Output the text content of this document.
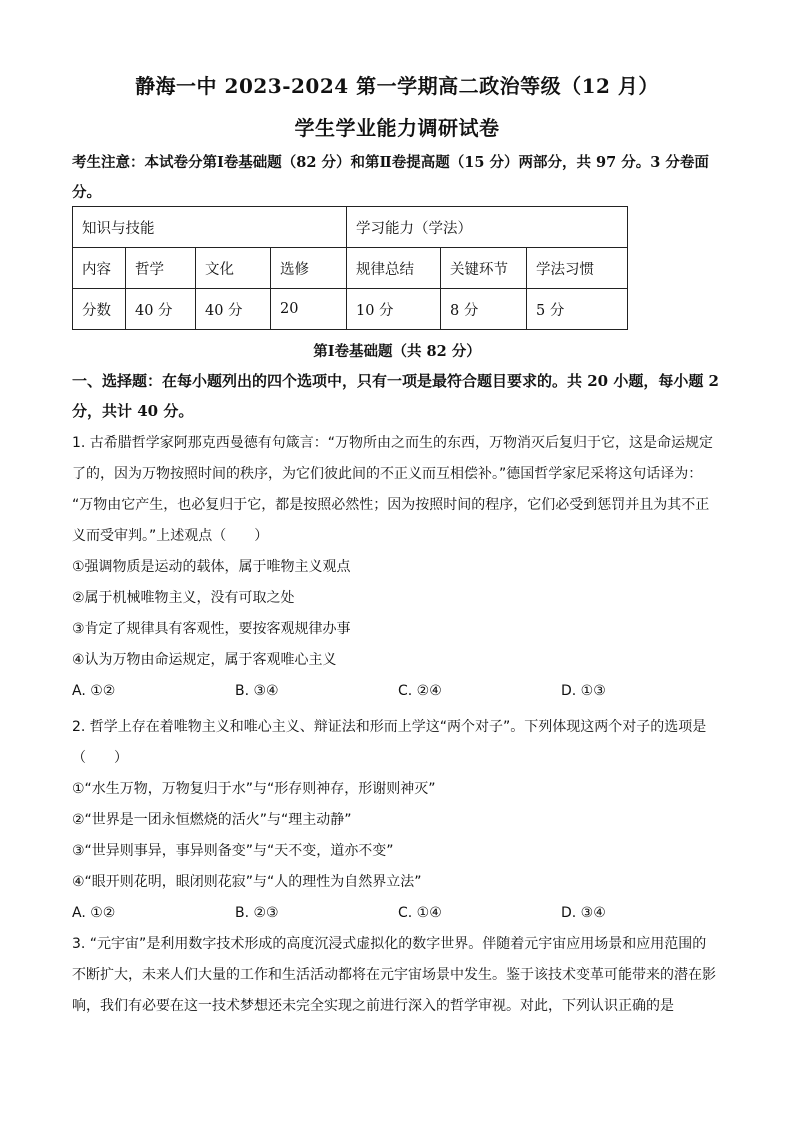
静海一中 2023-2024 第一学期高二政治等级（12 月）
学生学业能力调研试卷
考生注意：本试卷分第Ⅰ卷基础题（82 分）和第Ⅱ卷提高题（15 分）两部分，共 97 分。3 分卷面分。
知识与技能				学习能力（学法）		
内容	哲学	文化	选修	规律总结	关键环节	学法习惯
分数	40 分	40 分	20	10 分	8 分	5 分
第Ⅰ卷基础题（共 82 分）
一、选择题：在每小题列出的四个选项中，只有一项是最符合题目要求的。共 20 小题，每小题 2 分，共计 40 分。
1. 古希腊哲学家阿那克西曼德有句箴言：“万物所由之而生的东西，万物消灭后复归于它，这是命运规定
了的，因为万物按照时间的秩序，为它们彼此间的不正义而互相偿补。”德国哲学家尼采将这句话译为：
“万物由它产生，也必复归于它，都是按照必然性；因为按照时间的程序，它们必受到惩罚并且为其不正
义而受审判。”上述观点（　　）
①强调物质是运动的载体，属于唯物主义观点
②属于机械唯物主义，没有可取之处
③肯定了规律具有客观性，要按客观规律办事
④认为万物由命运规定，属于客观唯心主义
A. ①②	B. ③④	C. ②④	D. ①③
2. 哲学上存在着唯物主义和唯心主义、辩证法和形而上学这“两个对子”。下列体现这两个对子的选项是
（　　）
①“水生万物，万物复归于水”与“形存则神存，形谢则神灭”
②“世界是一团永恒燃烧的活火”与“理主动静”
③“世异则事异，事异则备变”与“天不变，道亦不变”
④“眼开则花明，眼闭则花寂”与“人的理性为自然界立法”
A. ①②	B. ②③	C. ①④	D. ③④
3. “元宇宙”是利用数字技术形成的高度沉浸式虚拟化的数字世界。伴随着元宇宙应用场景和应用范围的
不断扩大，未来人们大量的工作和生活活动都将在元宇宙场景中发生。鉴于该技术变革可能带来的潜在影
响，我们有必要在这一技术梦想还未完全实现之前进行深入的哲学审视。对此，下列认识正确的是
